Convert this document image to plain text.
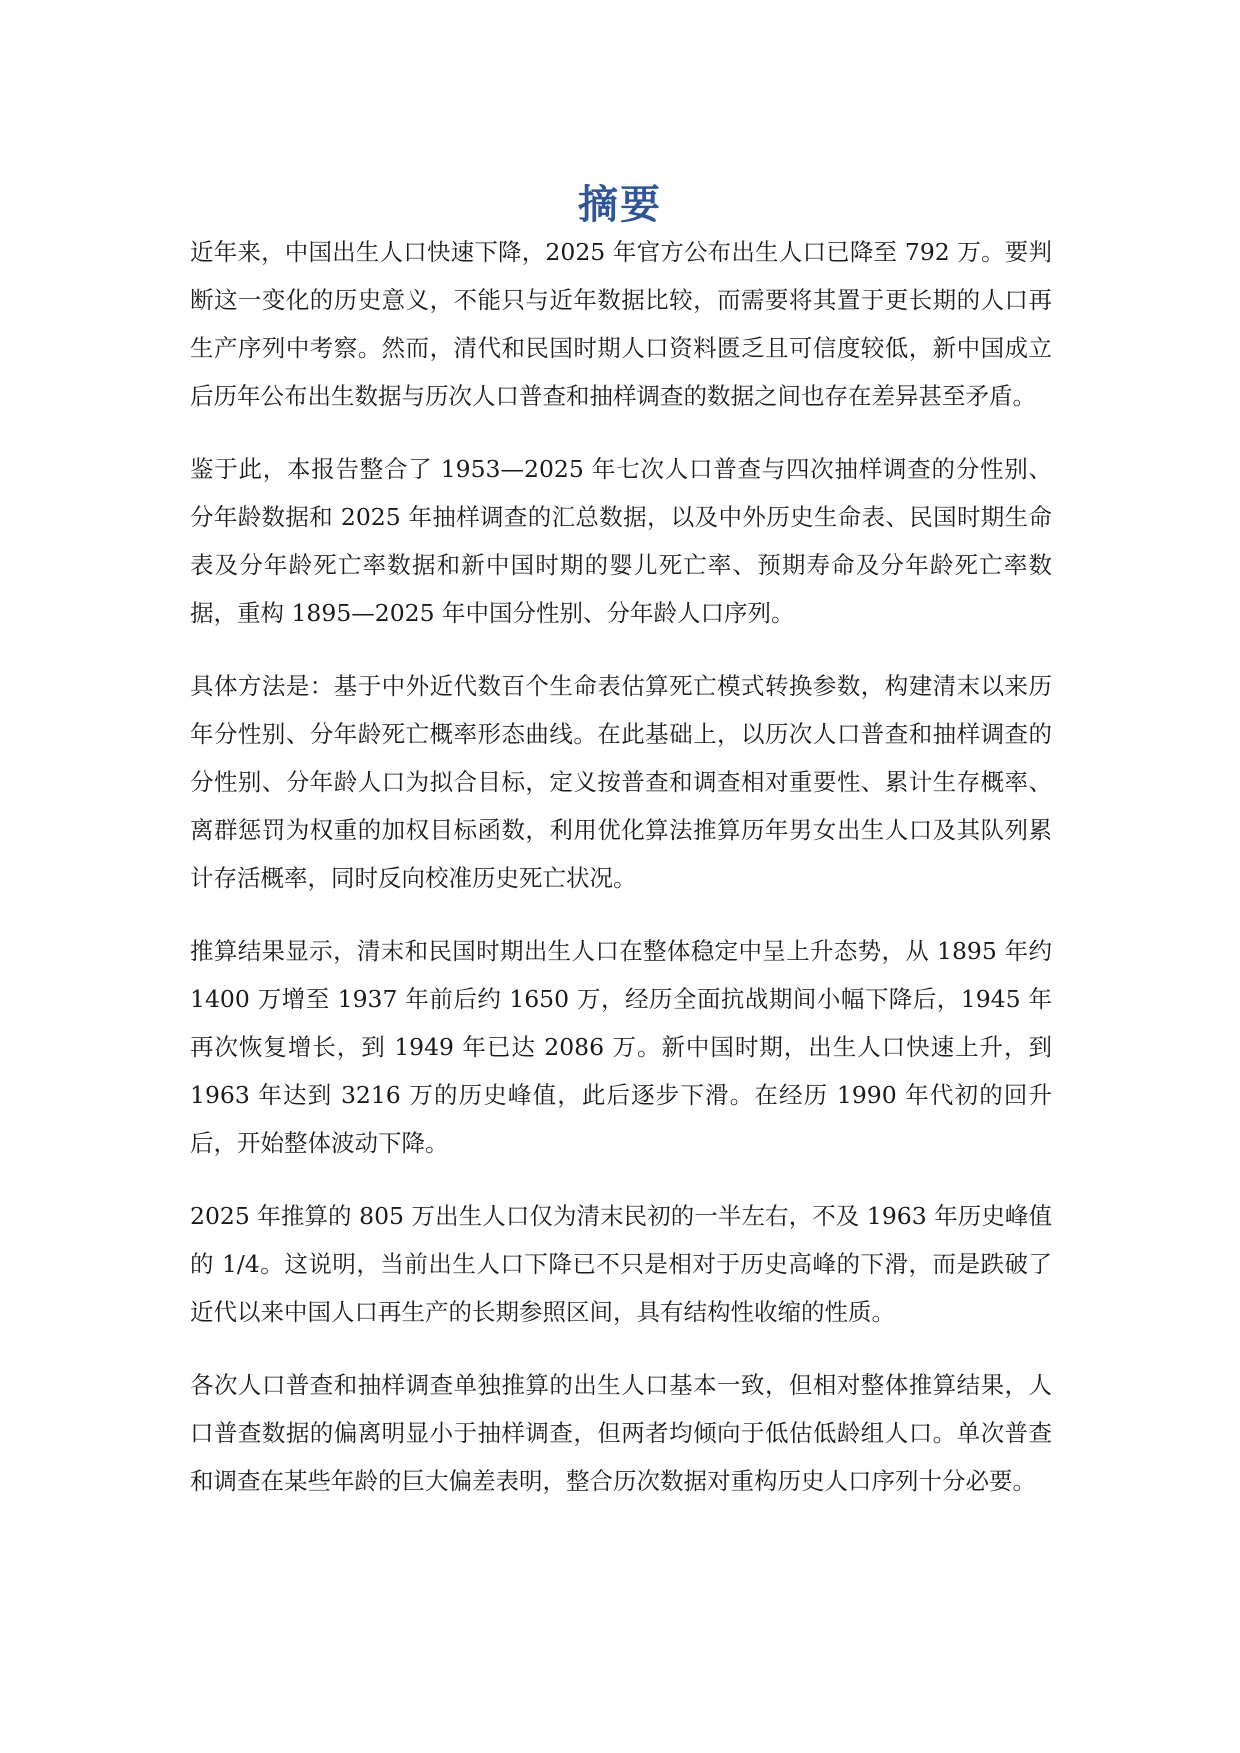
摘要

近年来，中国出生人口快速下降，2025 年官方公布出生人口已降至 792 万。要判断这一变化的历史意义，不能只与近年数据比较，而需要将其置于更长期的人口再生产序列中考察。然而，清代和民国时期人口资料匮乏且可信度较低，新中国成立后历年公布出生数据与历次人口普查和抽样调查的数据之间也存在差异甚至矛盾。

鉴于此，本报告整合了 1953—2025 年七次人口普查与四次抽样调查的分性别、分年龄数据和 2025 年抽样调查的汇总数据，以及中外历史生命表、民国时期生命表及分年龄死亡率数据和新中国时期的婴儿死亡率、预期寿命及分年龄死亡率数据，重构 1895—2025 年中国分性别、分年龄人口序列。

具体方法是：基于中外近代数百个生命表估算死亡模式转换参数，构建清末以来历年分性别、分年龄死亡概率形态曲线。在此基础上，以历次人口普查和抽样调查的分性别、分年龄人口为拟合目标，定义按普查和调查相对重要性、累计生存概率、离群惩罚为权重的加权目标函数，利用优化算法推算历年男女出生人口及其队列累计存活概率，同时反向校准历史死亡状况。

推算结果显示，清末和民国时期出生人口在整体稳定中呈上升态势，从 1895 年约 1400 万增至 1937 年前后约 1650 万，经历全面抗战期间小幅下降后，1945 年再次恢复增长，到 1949 年已达 2086 万。新中国时期，出生人口快速上升，到 1963 年达到 3216 万的历史峰值，此后逐步下滑。在经历 1990 年代初的回升后，开始整体波动下降。

2025 年推算的 805 万出生人口仅为清末民初的一半左右，不及 1963 年历史峰值的 1/4。这说明，当前出生人口下降已不只是相对于历史高峰的下滑，而是跌破了近代以来中国人口再生产的长期参照区间，具有结构性收缩的性质。

各次人口普查和抽样调查单独推算的出生人口基本一致，但相对整体推算结果，人口普查数据的偏离明显小于抽样调查，但两者均倾向于低估低龄组人口。单次普查和调查在某些年龄的巨大偏差表明，整合历次数据对重构历史人口序列十分必要。
